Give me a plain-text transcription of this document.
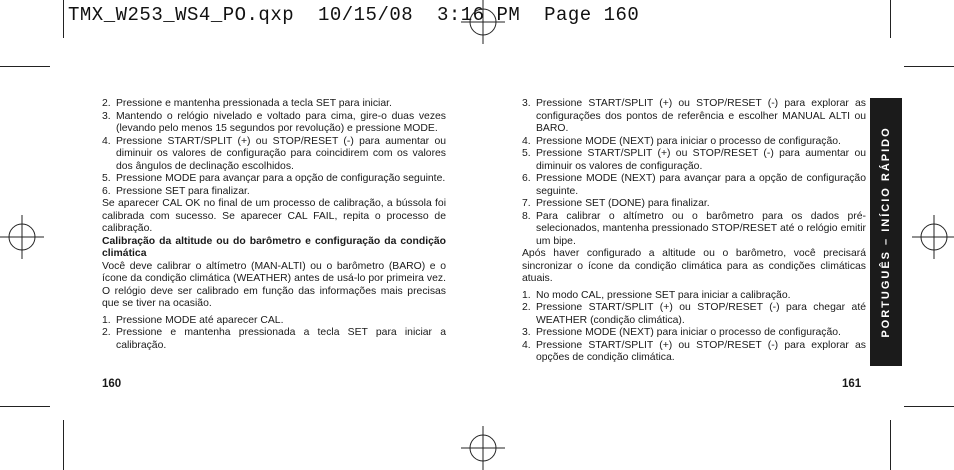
TMX_W253_WS4_PO.qxp  10/15/08  3:16 PM  Page 160
2. Pressione e mantenha pressionada a tecla SET para iniciar.
3. Mantendo o relógio nivelado e voltado para cima, gire-o duas vezes (levando pelo menos 15 segundos por revolução) e pressione MODE.
4. Pressione START/SPLIT (+) ou STOP/RESET (-) para aumentar ou diminuir os valores de configuração para coincidirem com os valores dos ângulos de declinação escolhidos.
5. Pressione MODE para avançar para a opção de configuração seguinte.
6. Pressione SET para finalizar.

Se aparecer CAL OK no final de um processo de calibração, a bússola foi calibrada com sucesso. Se aparecer CAL FAIL, repita o processo de calibração.

Calibração da altitude ou do barômetro e configuração da condição climática

Você deve calibrar o altímetro (MAN-ALTI) ou o barômetro (BARO) e o ícone da condição climática (WEATHER) antes de usá-lo por primeira vez. O relógio deve ser calibrado em função das informações mais precisas que se tiver na ocasião.

1. Pressione MODE até aparecer CAL.
2. Pressione e mantenha pressionada a tecla SET para iniciar a calibração.
160
3. Pressione START/SPLIT (+) ou STOP/RESET (-) para explorar as configurações dos pontos de referência e escolher MANUAL ALTI ou BARO.
4. Pressione MODE (NEXT) para iniciar o processo de configuração.
5. Pressione START/SPLIT (+) ou STOP/RESET (-) para aumentar ou diminuir os valores de configuração.
6. Pressione MODE (NEXT) para avançar para a opção de configuração seguinte.
7. Pressione SET (DONE) para finalizar.
8. Para calibrar o altímetro ou o barômetro para os dados pré-selecionados, mantenha pressionado STOP/RESET até o relógio emitir um bipe.

Após haver configurado a altitude ou o barômetro, você precisará sincronizar o ícone da condição climática para as condições climáticas atuais.

1. No modo CAL, pressione SET para iniciar a calibração.
2. Pressione START/SPLIT (+) ou STOP/RESET (-) para chegar até WEATHER (condição climática).
3. Pressione MODE (NEXT) para iniciar o processo de configuração.
4. Pressione START/SPLIT (+) ou STOP/RESET (-) para explorar as opções de condição climática.
161
PORTUGUÊS – INÍCIO RÁPIDO
